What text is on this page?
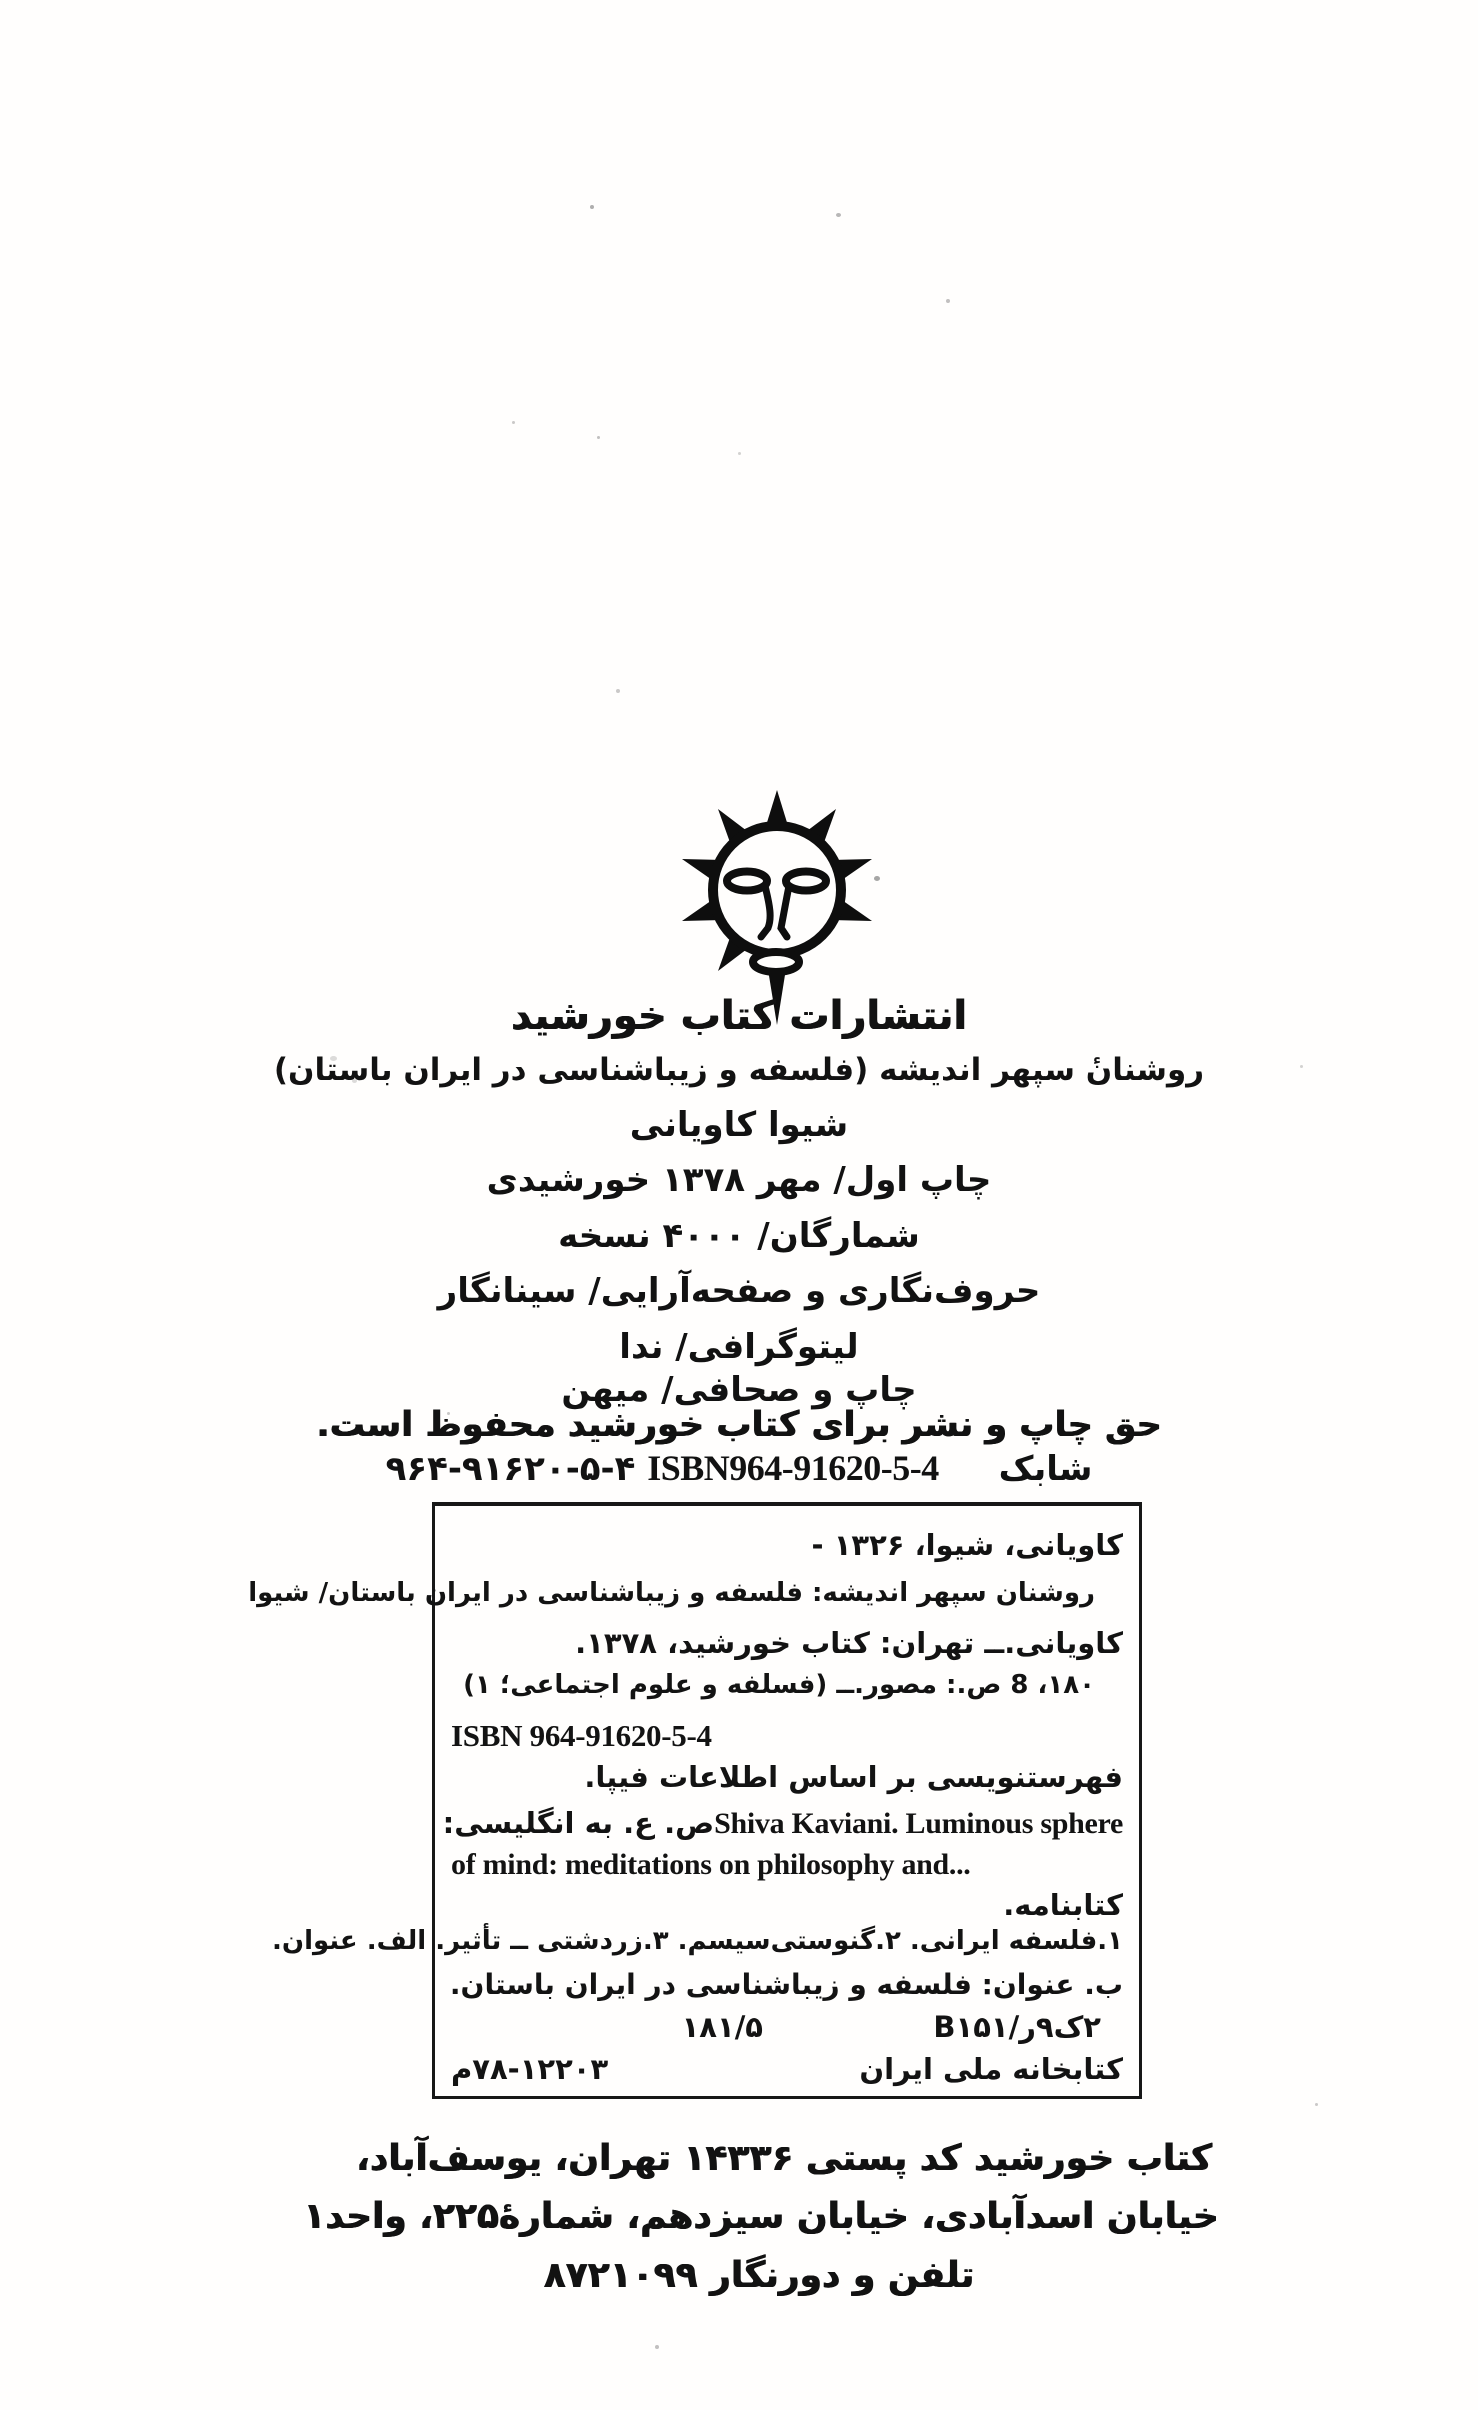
انتشارات کتاب خورشید
روشنانٔ سپهر اندیشه (فلسفه و زیباشناسی در ایران باستان)
شیوا کاویانی
چاپ اول/ مهر ۱۳۷۸ خورشیدی
شمارگان/ ۴۰۰۰ نسخه
حروف‌نگاری و صفحه‌آرایی/ سینانگار
لیتوگرافی/ ندا
چاپ و صحافی/ میهن
حق چاپ و نشر برای کتاب خورشید محفوظ است.
شابک ۹۶۴-۹۱۶۲۰-۵-۴ ISBN964-91620-5-4
کاویانی، شیوا، ۱۳۲۶ -
روشنان سپهر اندیشه: فلسفه و زیباشناسی در ایران باستان/ شیوا
کاویانی.ــ تهران: کتاب خورشید، ۱۳۷۸.
۱۸۰، 8 ص.: مصور.ــ (فسلفه و علوم اجتماعی؛ ۱)
ISBN 964-91620-5-4
فهرستنویسی بر اساس اطلاعات فیپا.
Shiva Kaviani. Luminous sphere
ص. ع. به انگلیسی:
of mind: meditations on philosophy and...
کتابنامه.
۱.فلسفه ایرانی. ۲.گنوستی‌سیسم. ۳.زردشتی ــ تأثیر. الف. عنوان.
ب. عنوان: فلسفه و زیباشناسی در ایران باستان.
B۱۵۱/ر۹ک۲
۱۸۱/۵
کتابخانه ملی ایران
م۷۸-۱۲۲۰۳
کتاب خورشید کد پستی ۱۴۳۳۶ تهران، یوسف‌آباد،
خیابان اسدآبادی، خیابان سیزدهم، شمارهٔ۲۲۵، واحد۱
تلفن و دورنگار ۸۷۲۱۰۹۹
